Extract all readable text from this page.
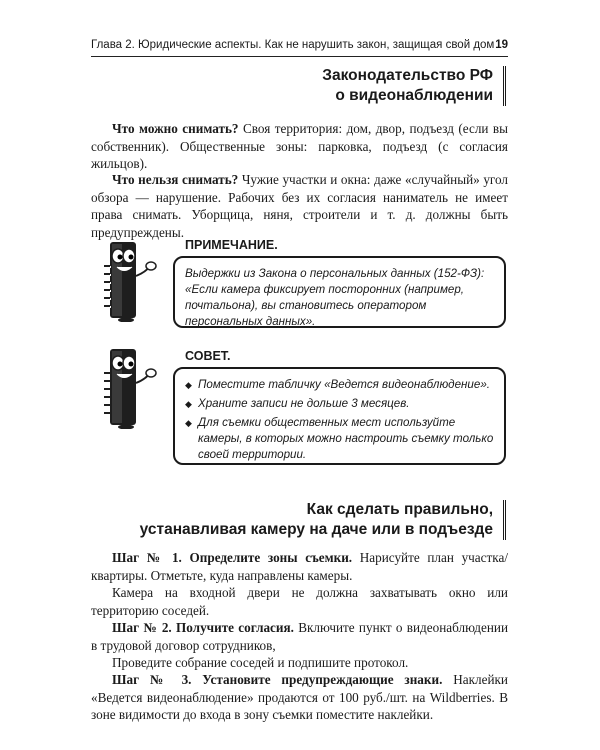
Глава 2. Юридические аспекты. Как не нарушить закон, защищая свой дом 19
Законодательство РФ
о видеонаблюдении

Что можно снимать? Своя территория: дом, двор, подъезд (если вы собственник). Общественные зоны: парковка, подъезд (с согласия жильцов).

Что нельзя снимать? Чужие участки и окна: даже «случайный» угол обзора — нарушение. Рабочих без их согласия наниматель не имеет права снимать. Уборщица, няня, строители и т. д. должны быть предупреждены.

ПРИМЕЧАНИЕ.
Выдержки из Закона о персональных данных (152-ФЗ): «Если камера фиксирует посторонних (например, почтальона), вы становитесь оператором персональных данных».
СОВЕТ.
◆ Поместите табличку «Ведется видеонаблюдение».
◆ Храните записи не дольше 3 месяцев.
◆ Для съемки общественных мест используйте камеры, в которых можно настроить съемку только своей территории.
Как сделать правильно,
устанавливая камеру на даче или в подъезде

Шаг № 1. Определите зоны съемки. Нарисуйте план участка/квартиры. Отметьте, куда направлены камеры.

Камера на входной двери не должна захватывать окно или территорию соседей.

Шаг № 2. Получите согласия. Включите пункт о видеонаблюдении в трудовой договор сотрудников,

Проведите собрание соседей и подпишите протокол.

Шаг № 3. Установите предупреждающие знаки. Наклейки «Ведется видеонаблюдение» продаются от 100 руб./шт. на Wildberries. В зоне видимости до входа в зону съемки поместите наклейки.
